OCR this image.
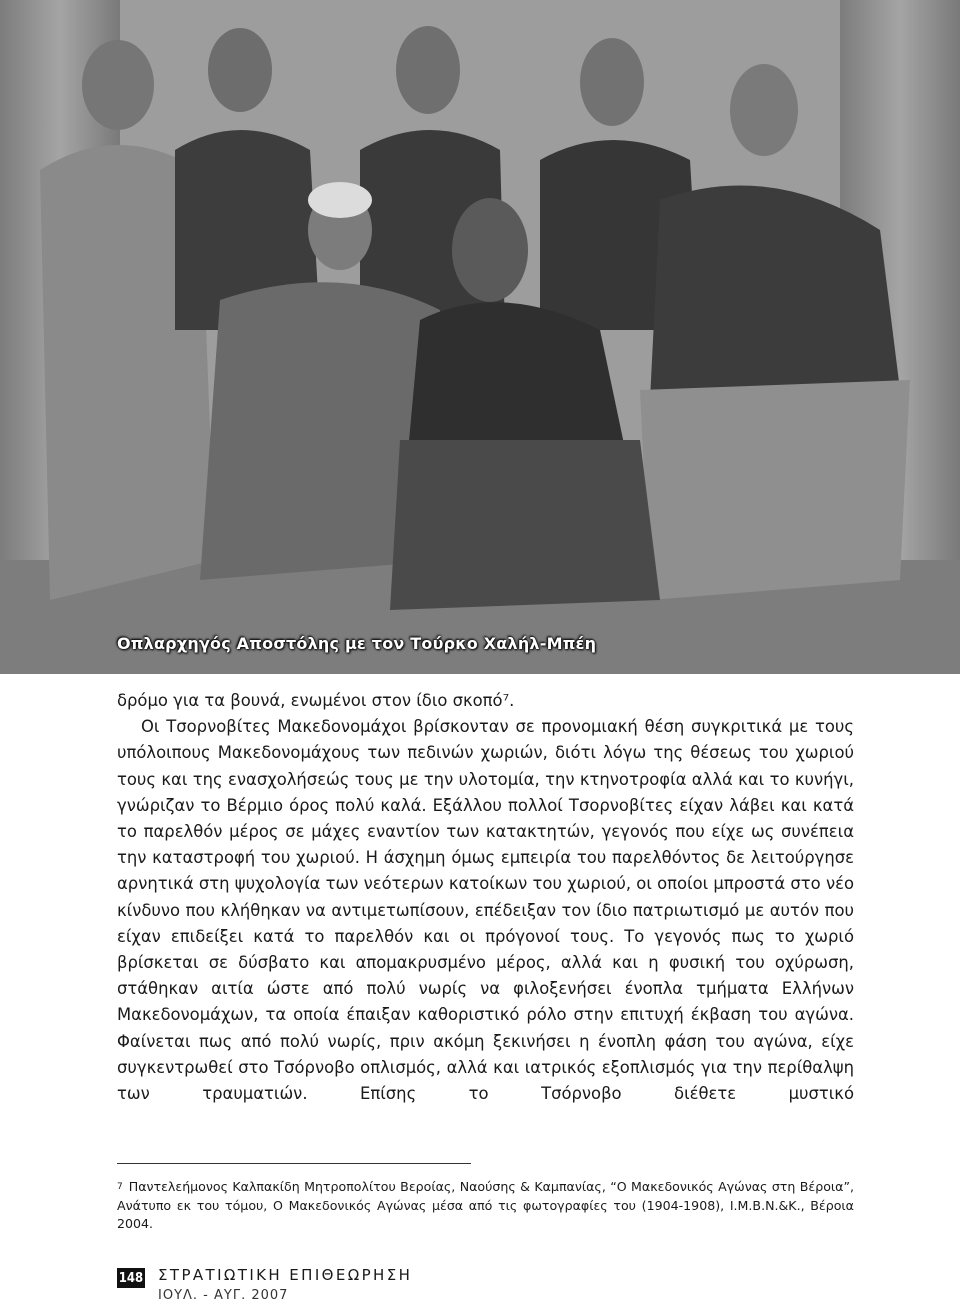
Οπλαρχηγός Αποστόλης με τον Τούρκο Χαλήλ-Μπέη

δρόμο για τα βουνά, ενωμένοι στον ίδιο σκοπό⁷.

Οι Τσορνοβίτες Μακεδονομάχοι βρίσκονταν σε προνομιακή θέση συγκριτικά με τους υπόλοιπους Μακεδονομάχους των πεδινών χωριών, διότι λόγω της θέσεως του χωριού τους και της ενασχολήσεώς τους με την υλοτομία, την κτηνοτροφία αλλά και το κυνήγι, γνώριζαν το Βέρμιο όρος πολύ καλά. Εξάλλου πολλοί Τσορνοβίτες είχαν λάβει και κατά το παρελθόν μέρος σε μάχες εναντίον των κατακτητών, γεγονός που είχε ως συνέπεια την καταστροφή του χωριού. Η άσχημη όμως εμπειρία του παρελθόντος δε λειτούργησε αρνητικά στη ψυχολογία των νεότερων κατοίκων του χωριού, οι οποίοι μπροστά στο νέο κίνδυνο που κλήθηκαν να αντιμετωπίσουν, επέδειξαν τον ίδιο πατριωτισμό με αυτόν που είχαν επιδείξει κατά το παρελθόν και οι πρόγονοί τους. Το γεγονός πως το χωριό βρίσκεται σε δύσβατο και απομακρυσμένο μέρος, αλλά και η φυσική του οχύρωση, στάθηκαν αιτία ώστε από πολύ νωρίς να φιλοξενήσει ένοπλα τμήματα Ελλήνων Μακεδονομάχων, τα οποία έπαιξαν καθοριστικό ρόλο στην επιτυχή έκβαση του αγώνα. Φαίνεται πως από πολύ νωρίς, πριν ακόμη ξεκινήσει η ένοπλη φάση του αγώνα, είχε συγκεντρωθεί στο Τσόρνοβο οπλισμός, αλλά και ιατρικός εξοπλισμός για την περίθαλψη των τραυματιών. Επίσης το Τσόρνοβο διέθετε μυστικό

$^7$ Παντελεήμονος Καλπακίδη Μητροπολίτου Βεροίας, Ναούσης & Καμπανίας, “Ο Μακεδονικός Αγώνας στη Βέροια”, Ανάτυπο εκ του τόμου, Ο Μακεδονικός Αγώνας μέσα από τις φωτογραφίες του (1904-1908), Ι.Μ.Β.Ν.&Κ., Βέροια 2004.
148 ΣΤΡΑΤΙΩΤΙΚΗ ΕΠΙΘΕΩΡΗΣΗ
ΙΟΥΛ. - ΑΥΓ. 2007
